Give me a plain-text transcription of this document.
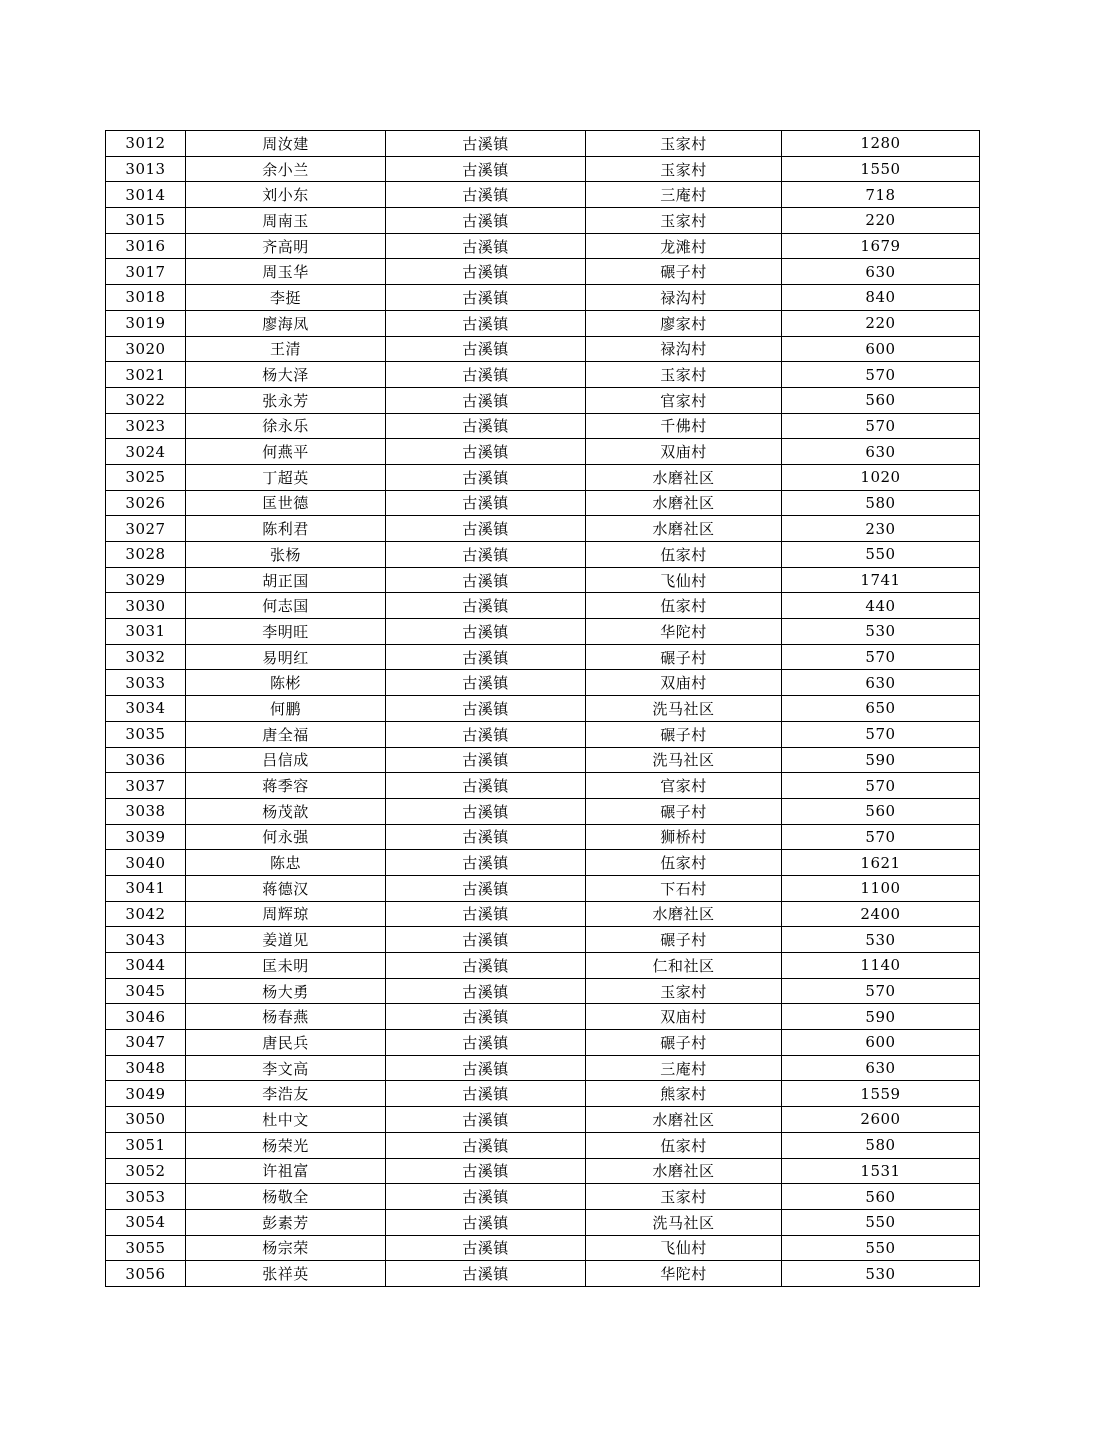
3012	周汝建	古溪镇	玉家村	1280
3013	余小兰	古溪镇	玉家村	1550
3014	刘小东	古溪镇	三庵村	718
3015	周南玉	古溪镇	玉家村	220
3016	齐高明	古溪镇	龙滩村	1679
3017	周玉华	古溪镇	碾子村	630
3018	李挺	古溪镇	禄沟村	840
3019	廖海凤	古溪镇	廖家村	220
3020	王清	古溪镇	禄沟村	600
3021	杨大泽	古溪镇	玉家村	570
3022	张永芳	古溪镇	官家村	560
3023	徐永乐	古溪镇	千佛村	570
3024	何燕平	古溪镇	双庙村	630
3025	丁超英	古溪镇	水磨社区	1020
3026	匡世德	古溪镇	水磨社区	580
3027	陈利君	古溪镇	水磨社区	230
3028	张杨	古溪镇	伍家村	550
3029	胡正国	古溪镇	飞仙村	1741
3030	何志国	古溪镇	伍家村	440
3031	李明旺	古溪镇	华陀村	530
3032	易明红	古溪镇	碾子村	570
3033	陈彬	古溪镇	双庙村	630
3034	何鹏	古溪镇	洗马社区	650
3035	唐全福	古溪镇	碾子村	570
3036	吕信成	古溪镇	洗马社区	590
3037	蒋季容	古溪镇	官家村	570
3038	杨茂歆	古溪镇	碾子村	560
3039	何永强	古溪镇	狮桥村	570
3040	陈忠	古溪镇	伍家村	1621
3041	蒋德汉	古溪镇	下石村	1100
3042	周辉琼	古溪镇	水磨社区	2400
3043	姜道见	古溪镇	碾子村	530
3044	匡未明	古溪镇	仁和社区	1140
3045	杨大勇	古溪镇	玉家村	570
3046	杨春燕	古溪镇	双庙村	590
3047	唐民兵	古溪镇	碾子村	600
3048	李文高	古溪镇	三庵村	630
3049	李浩友	古溪镇	熊家村	1559
3050	杜中文	古溪镇	水磨社区	2600
3051	杨荣光	古溪镇	伍家村	580
3052	许祖富	古溪镇	水磨社区	1531
3053	杨敬全	古溪镇	玉家村	560
3054	彭素芳	古溪镇	洗马社区	550
3055	杨宗荣	古溪镇	飞仙村	550
3056	张祥英	古溪镇	华陀村	530
